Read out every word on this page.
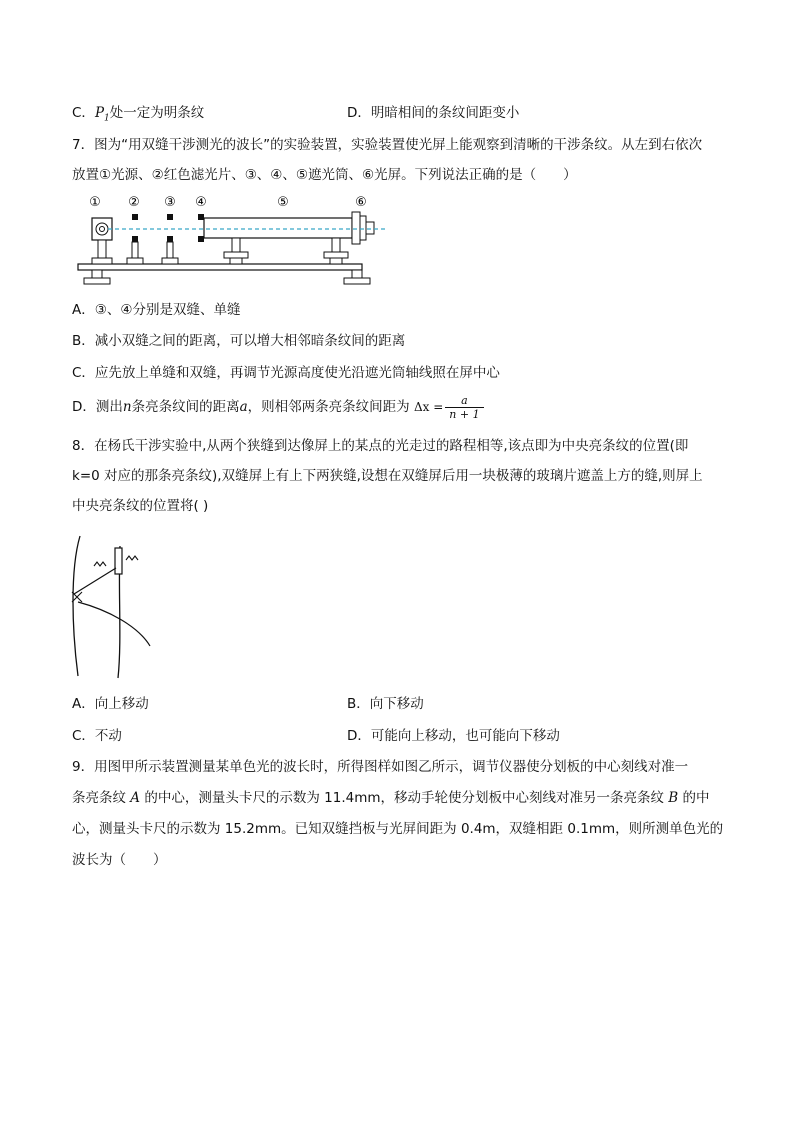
C．$P_1$处一定为明条纹	D．明暗相间的条纹间距变小
7．图为“用双缝干涉测光的波长”的实验装置，实验装置使光屏上能观察到清晰的干涉条纹。从左到右依次
放置①光源、②红色滤光片、③、④、⑤遮光筒、⑥光屏。下列说法正确的是（　　）
① ② ③ ④	⑤	⑥
A．③、④分别是双缝、单缝
B．减小双缝之间的距离，可以增大相邻暗条纹间的距离
C．应先放上单缝和双缝，再调节光源高度使光沿遮光筒轴线照在屏中心
D．测出n条亮条纹间的距离a，则相邻两条亮条纹间距为 $\Delta x = \frac{a}{n + 1}$
8．在杨氏干涉实验中,从两个狭缝到达像屏上的某点的光走过的路程相等,该点即为中央亮条纹的位置(即
k=0 对应的那条亮条纹),双缝屏上有上下两狭缝,设想在双缝屏后用一块极薄的玻璃片遮盖上方的缝,则屏上
中央亮条纹的位置将( )
A．向上移动	B．向下移动
C．不动	D．可能向上移动，也可能向下移动
9．用图甲所示装置测量某单色光的波长时，所得图样如图乙所示，调节仪器使分划板的中心刻线对准一
条亮条纹 A 的中心，测量头卡尺的示数为 11.4mm，移动手轮使分划板中心刻线对准另一条亮条纹 B 的中
心，测量头卡尺的示数为 15.2mm。已知双缝挡板与光屏间距为 0.4m，双缝相距 0.1mm，则所测单色光的
波长为（　　）
